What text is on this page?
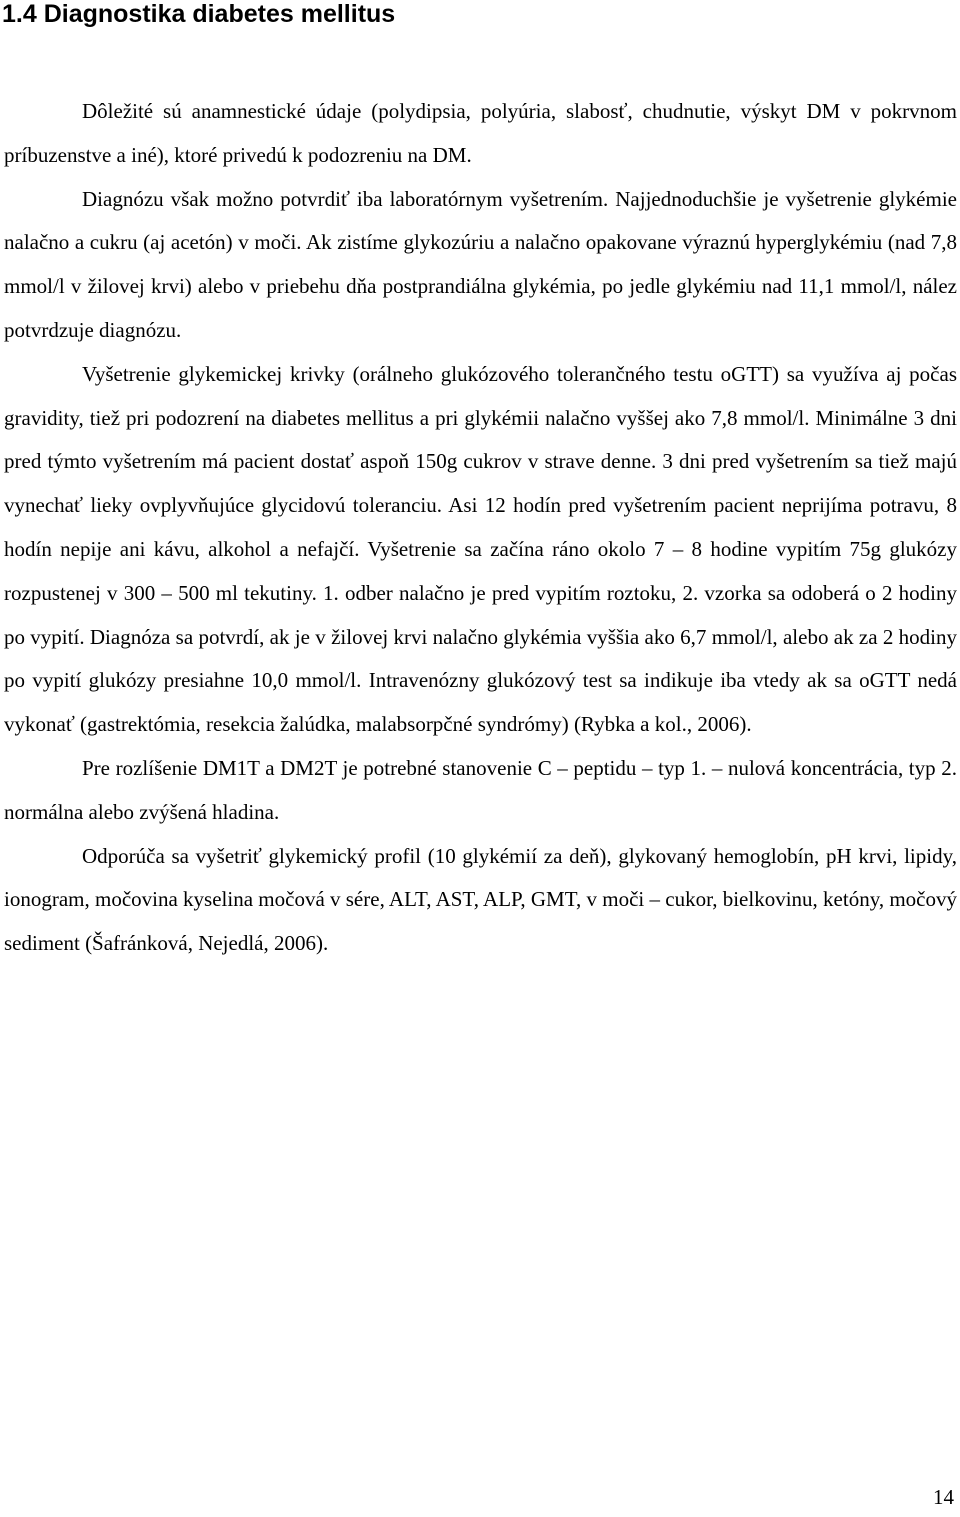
1.4 Diagnostika diabetes mellitus

Dôležité sú anamnestické údaje (polydipsia, polyúria, slabosť, chudnutie, výskyt DM v pokrvnom príbuzenstve a iné), ktoré privedú k podozreniu na DM.

Diagnózu však možno potvrdiť iba laboratórnym vyšetrením. Najjednoduchšie je vyšetrenie glykémie nalačno a cukru (aj acetón) v moči. Ak zistíme glykozúriu a nalačno opakovane výraznú hyperglykémiu (nad 7,8 mmol/l v žilovej krvi) alebo v priebehu dňa postprandiálna glykémia, po jedle glykémiu nad 11,1 mmol/l, nález potvrdzuje diagnózu.

Vyšetrenie glykemickej krivky (orálneho glukózového tolerančného testu oGTT) sa využíva aj počas gravidity, tiež pri podozrení na diabetes mellitus a pri glykémii nalačno vyššej ako 7,8 mmol/l. Minimálne 3 dni pred týmto vyšetrením má pacient dostať aspoň 150g cukrov v strave denne. 3 dni pred vyšetrením sa tiež majú vynechať lieky ovplyvňujúce glycidovú toleranciu. Asi 12 hodín pred vyšetrením pacient neprijíma potravu, 8 hodín nepije ani kávu, alkohol a nefajčí. Vyšetrenie sa začína ráno okolo 7 – 8 hodine vypitím 75g glukózy rozpustenej v 300 – 500 ml tekutiny. 1. odber nalačno je pred vypitím roztoku, 2. vzorka sa odoberá o 2 hodiny po vypití. Diagnóza sa potvrdí, ak je v žilovej krvi nalačno glykémia vyššia ako 6,7 mmol/l, alebo ak za 2 hodiny po vypití glukózy presiahne 10,0 mmol/l. Intravenózny glukózový test sa indikuje iba vtedy ak sa oGTT nedá vykonať (gastrektómia, resekcia žalúdka, malabsorpčné syndrómy) (Rybka a kol., 2006).

Pre rozlíšenie DM1T a DM2T je potrebné stanovenie C – peptidu – typ 1. – nulová koncentrácia, typ 2. normálna alebo zvýšená hladina.

Odporúča sa vyšetriť glykemický profil (10 glykémií za deň), glykovaný hemoglobín, pH krvi, lipidy, ionogram, močovina kyselina močová v sére, ALT, AST, ALP, GMT, v moči – cukor, bielkovinu, ketóny, močový sediment (Šafránková, Nejedlá, 2006).

14
